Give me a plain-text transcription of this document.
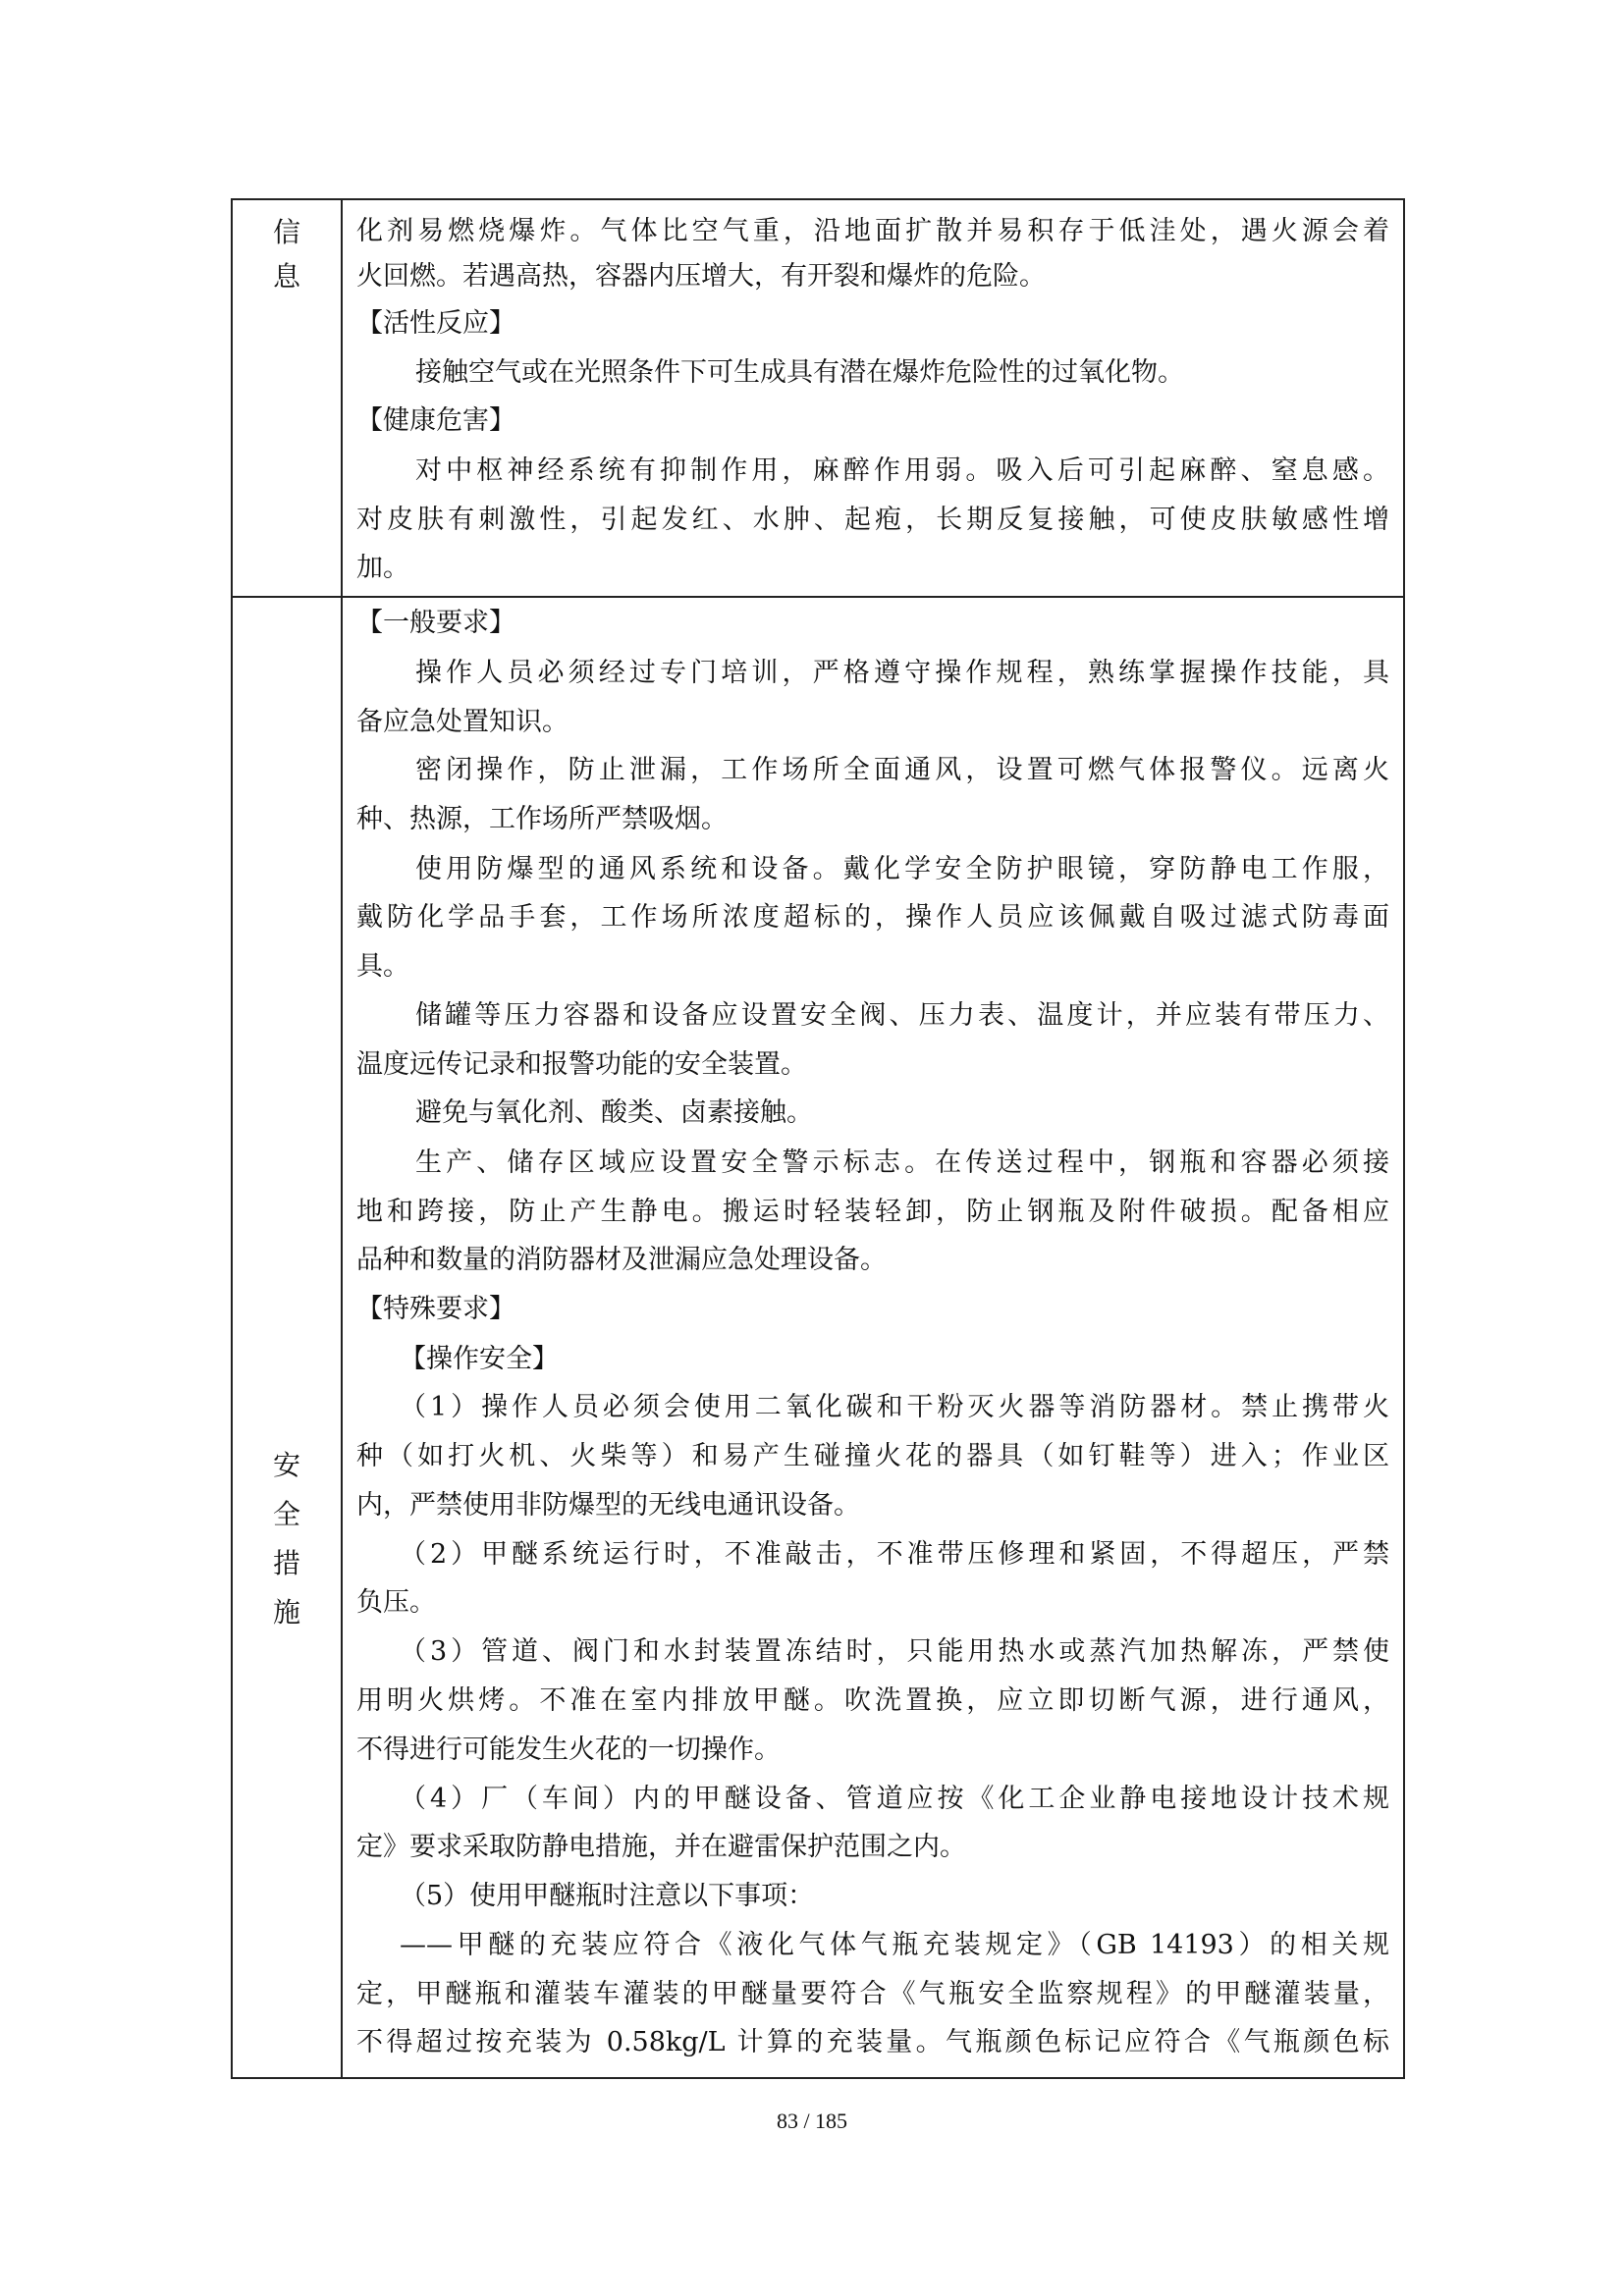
信
息
化剂易燃烧爆炸。气体比空气重，沿地面扩散并易积存于低洼处，遇火源会着
火回燃。若遇高热，容器内压增大，有开裂和爆炸的危险。
【活性反应】
接触空气或在光照条件下可生成具有潜在爆炸危险性的过氧化物。
【健康危害】
对中枢神经系统有抑制作用，麻醉作用弱。吸入后可引起麻醉、窒息感。
对皮肤有刺激性，引起发红、水肿、起疱，长期反复接触，可使皮肤敏感性增
加。
安
全
措
施
【一般要求】
操作人员必须经过专门培训，严格遵守操作规程，熟练掌握操作技能，具
备应急处置知识。
密闭操作，防止泄漏，工作场所全面通风，设置可燃气体报警仪。远离火
种、热源，工作场所严禁吸烟。
使用防爆型的通风系统和设备。戴化学安全防护眼镜，穿防静电工作服，
戴防化学品手套，工作场所浓度超标的，操作人员应该佩戴自吸过滤式防毒面
具。
储罐等压力容器和设备应设置安全阀、压力表、温度计，并应装有带压力、
温度远传记录和报警功能的安全装置。
避免与氧化剂、酸类、卤素接触。
生产、储存区域应设置安全警示标志。在传送过程中，钢瓶和容器必须接
地和跨接，防止产生静电。搬运时轻装轻卸，防止钢瓶及附件破损。配备相应
品种和数量的消防器材及泄漏应急处理设备。
【特殊要求】
【操作安全】
（1）操作人员必须会使用二氧化碳和干粉灭火器等消防器材。禁止携带火
种（如打火机、火柴等）和易产生碰撞火花的器具（如钉鞋等）进入；作业区
内，严禁使用非防爆型的无线电通讯设备。
（2）甲醚系统运行时，不准敲击，不准带压修理和紧固，不得超压，严禁
负压。
（3）管道、阀门和水封装置冻结时，只能用热水或蒸汽加热解冻，严禁使
用明火烘烤。不准在室内排放甲醚。吹洗置换，应立即切断气源，进行通风，
不得进行可能发生火花的一切操作。
（4）厂（车间）内的甲醚设备、管道应按《化工企业静电接地设计技术规
定》要求采取防静电措施，并在避雷保护范围之内。
（5）使用甲醚瓶时注意以下事项：
——甲醚的充装应符合《液化气体气瓶充装规定》（GB 14193）的相关规
定，甲醚瓶和灌装车灌装的甲醚量要符合《气瓶安全监察规程》的甲醚灌装量，
不得超过按充装为 0.58kg/L 计算的充装量。气瓶颜色标记应符合《气瓶颜色标
83 / 185
